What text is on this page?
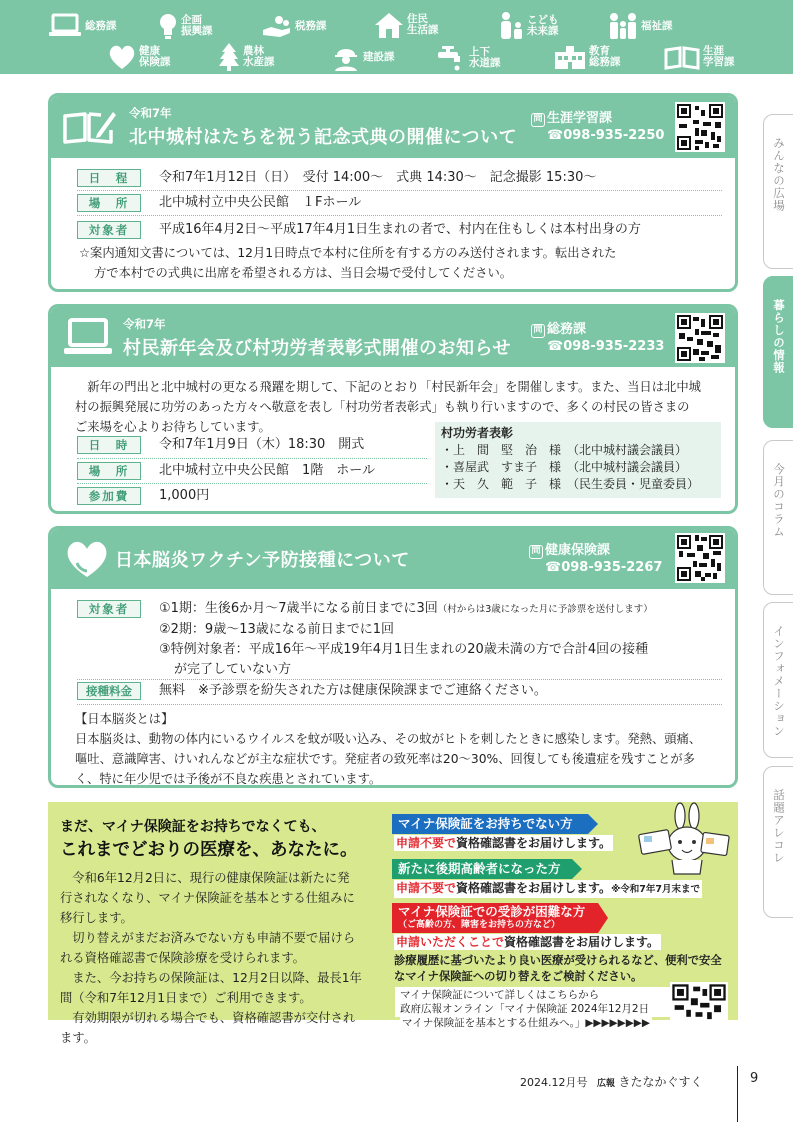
総務課	企画
振興課	税務課
住民
生活課
こども
未来課	福祉課
健康
保険課
農林
水産課	建設課	上下
水道課
教育
総務課
生涯
学習課
みんなの広場
暮らしの情報
今月のコラム
インフォメーション
話題アレコレ
令和7年
北中城村はたちを祝う記念式典の開催について
問 生涯学習課
☎098-935-2250
日　程	令和7年1月12日（日）　受付 14:00〜　式典 14:30〜　記念撮影 15:30〜
場　所	北中城村立中央公民館　１Fホール
対象者	平成16年4月2日〜平成17年4月1日生まれの者で、村内在住もしくは本村出身の方
☆案内通知文書については、12月1日時点で本村に住所を有する方のみ送付されます。転出された
方で本村での式典に出席を希望される方は、当日会場で受付してください。
令和7年
村民新年会及び村功労者表彰式開催のお知らせ
問 総務課
☎098-935-2233
　新年の門出と北中城村の更なる飛躍を期して、下記のとおり「村民新年会」を開催します。また、当日は北中城
村の振興発展に功労のあった方々へ敬意を表し「村功労者表彰式」も執り行いますので、多くの村民の皆さまの
ご来場を心よりお待ちしています。
日　時	令和7年1月9日（木）18:30　開式
場　所	北中城村立中央公民館　1階　ホール
参加費	1,000円
村功労者表彰
・上　間　堅　治　様　（北中城村議会議員）
・喜屋武　すま子　様　（北中城村議会議員）
・天　久　範　子　様　（民生委員・児童委員）
日本脳炎ワクチン予防接種について	問 健康保険課
☎098-935-2267
対象者	①1期：生後6か月〜7歳半になる前日までに3回（村からは3歳になった月に予診票を送付します）
②2期：9歳〜13歳になる前日までに1回
③特例対象者：平成16年〜平成19年4月1日生まれの20歳未満の方で合計4回の接種
が完了していない方
接種料金	無料　※予診票を紛失された方は健康保険課までご連絡ください。
【日本脳炎とは】
日本脳炎は、動物の体内にいるウイルスを蚊が吸い込み、その蚊がヒトを刺したときに感染します。発熱、頭痛、
嘔吐、意識障害、けいれんなどが主な症状です。発症者の致死率は20〜30%、回復しても後遺症を残すことが多
く、特に年少児では予後が不良な疾患とされています。
まだ、マイナ保険証をお持ちでなくても、
これまでどおりの医療を、あなたに。
　令和6年12月2日に、現行の健康保険証は新たに発
行されなくなり、マイナ保険証を基本とする仕組みに
移行します。
　切り替えがまだお済みでない方も申請不要で届けら
れる資格確認書で保険診療を受けられます。
　また、今お持ちの保険証は、12月2日以降、最長1年
間（令和7年12月1日まで）ご利用できます。
　有効期限が切れる場合でも、資格確認書が交付され
ます。
マイナ保険証をお持ちでない方
申請不要で資格確認書をお届けします。
新たに後期高齢者になった方
申請不要で資格確認書をお届けします。※令和7年7月末まで
マイナ保険証での受診が困難な方
（ご高齢の方、障害をお持ちの方など）
申請いただくことで資格確認書をお届けします。
診療履歴に基づいたより良い医療が受けられるなど、便利で安全
なマイナ保険証への切り替えをご検討ください。
マイナ保険証について詳しくはこちらから
政府広報オンライン「マイナ保険証 2024年12月2日
マイナ保険証を基本とする仕組みへ。」▶▶▶▶▶▶▶▶
2024.12月号 広報 きたなかぐすく	9
